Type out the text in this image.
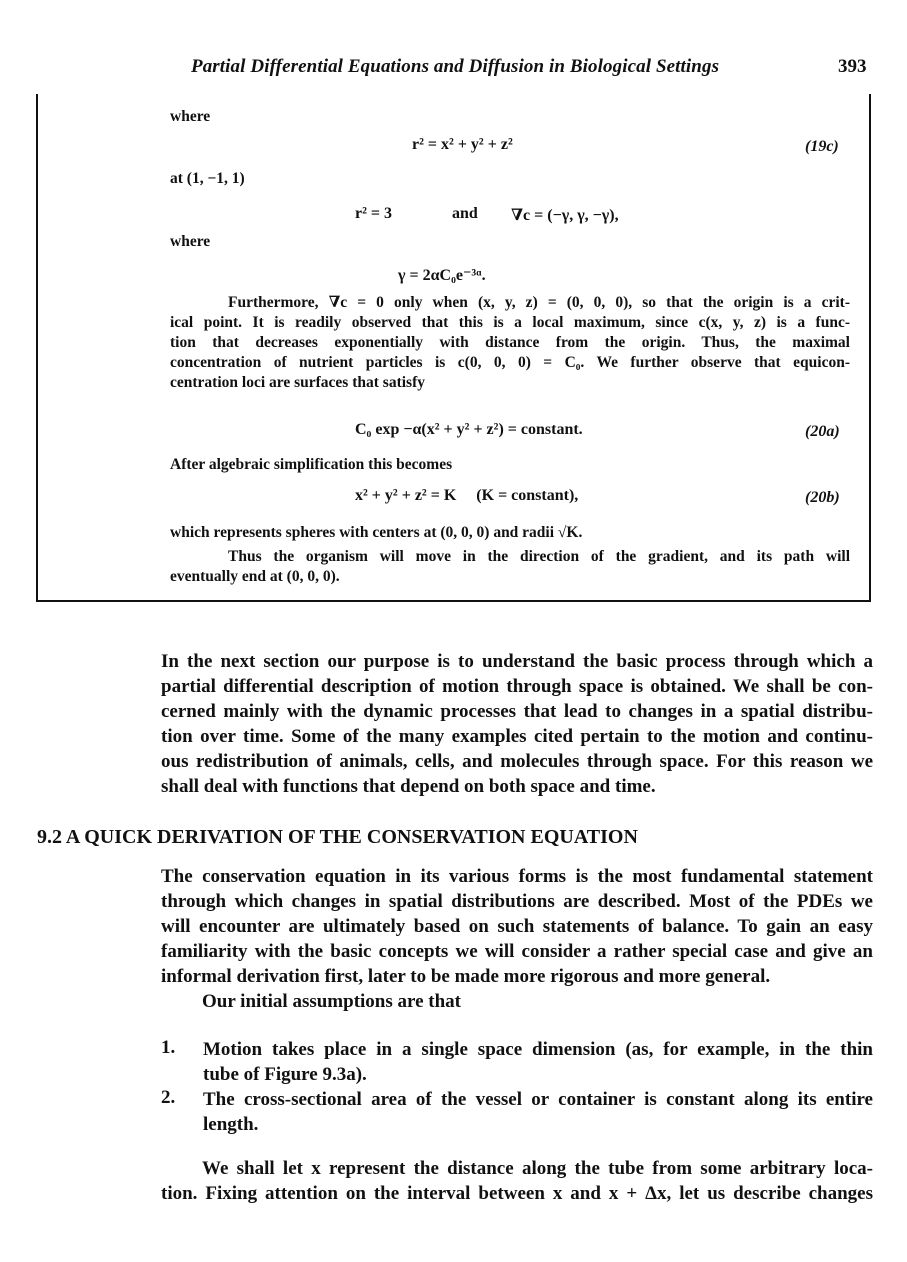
Partial Differential Equations and Diffusion in Biological Settings	393
where
r² = x² + y² + z²	(19c)
at (1, −1, 1)
r² = 3	and ∇c = (−γ, γ, −γ),
where
γ = 2αC₀e⁻³ᵅ.
Furthermore, ∇c = 0 only when (x, y, z) = (0, 0, 0), so that the origin is a crit-
ical point. It is readily observed that this is a local maximum, since c(x, y, z) is a func-
tion that decreases exponentially with distance from the origin. Thus, the maximal
concentration of nutrient particles is c(0, 0, 0) = C₀. We further observe that equicon-
centration loci are surfaces that satisfy
C₀ exp −α(x² + y² + z²) = constant.	(20a)
After algebraic simplification this becomes
x² + y² + z² = K     (K = constant),	(20b)
which represents spheres with centers at (0, 0, 0) and radii √K.
Thus the organism will move in the direction of the gradient, and its path will
eventually end at (0, 0, 0).
In the next section our purpose is to understand the basic process through which a
partial differential description of motion through space is obtained. We shall be con-
cerned mainly with the dynamic processes that lead to changes in a spatial distribu-
tion over time. Some of the many examples cited pertain to the motion and continu-
ous redistribution of animals, cells, and molecules through space. For this reason we
shall deal with functions that depend on both space and time.
9.2 A QUICK DERIVATION OF THE CONSERVATION EQUATION
The conservation equation in its various forms is the most fundamental statement
through which changes in spatial distributions are described. Most of the PDEs we
will encounter are ultimately based on such statements of balance. To gain an easy
familiarity with the basic concepts we will consider a rather special case and give an
informal derivation first, later to be made more rigorous and more general.
Our initial assumptions are that
1. Motion takes place in a single space dimension (as, for example, in the thin
tube of Figure 9.3a).
2. The cross-sectional area of the vessel or container is constant along its entire
length.
We shall let x represent the distance along the tube from some arbitrary loca-
tion. Fixing attention on the interval between x and x + Δx, let us describe changes
